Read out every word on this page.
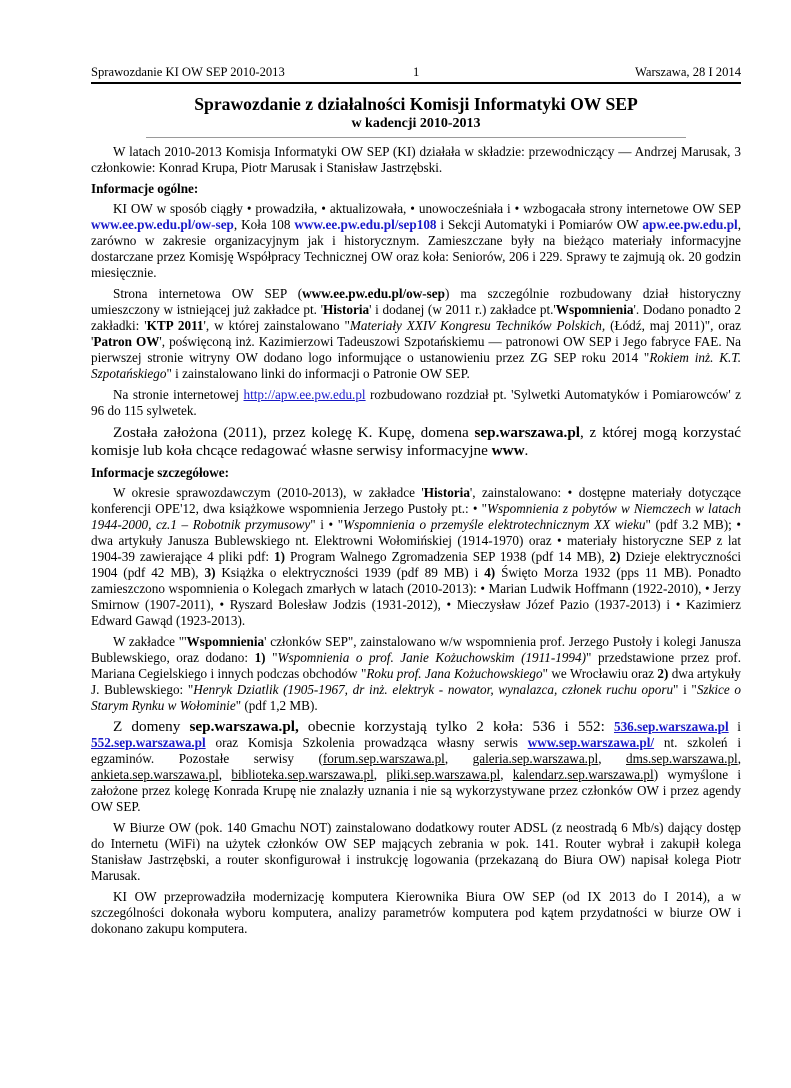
Sprawozdanie KI OW SEP 2010-2013	1	Warszawa, 28 I 2014
Sprawozdanie z działalności Komisji Informatyki OW SEP
w kadencji 2010-2013

W latach 2010-2013 Komisja Informatyki OW SEP (KI) działała w składzie: przewodniczący — Andrzej Marusak, 3 członkowie: Konrad Krupa, Piotr Marusak i Stanisław Jastrzębski.

Informacje ogólne:

KI OW w sposób ciągły • prowadziła, • aktualizowała, • unowocześniała i • wzbogacała strony internetowe OW SEP www.ee.pw.edu.pl/ow-sep, Koła 108 www.ee.pw.edu.pl/sep108 i Sekcji Automatyki i Pomiarów OW apw.ee.pw.edu.pl, zarówno w zakresie organizacyjnym jak i historycznym. Zamieszczane były na bieżąco materiały informacyjne dostarczane przez Komisję Współpracy Technicznej OW oraz koła: Seniorów, 206 i 229. Sprawy te zajmują ok. 20 godzin miesięcznie.

Strona internetowa OW SEP (www.ee.pw.edu.pl/ow-sep) ma szczególnie rozbudowany dział historyczny umieszczony w istniejącej już zakładce pt. 'Historia' i dodanej (w 2011 r.) zakładce pt.'Wspomnienia'. Dodano ponadto 2 zakładki: 'KTP 2011', w której zainstalowano "Materiały XXIV Kongresu Techników Polskich, (Łódź, maj 2011)", oraz 'Patron OW', poświęconą inż. Kazimierzowi Tadeuszowi Szpotańskiemu — patronowi OW SEP i Jego fabryce FAE. Na pierwszej stronie witryny OW dodano logo informujące o ustanowieniu przez ZG SEP roku 2014 "Rokiem inż. K.T. Szpotańskiego" i zainstalowano linki do informacji o Patronie OW SEP.

Na stronie internetowej http://apw.ee.pw.edu.pl rozbudowano rozdział pt. 'Sylwetki Automatyków i Pomiarowców' z 96 do 115 sylwetek.

Została założona (2011), przez kolegę K. Kupę, domena sep.warszawa.pl, z której mogą korzystać komisje lub koła chcące redagować własne serwisy informacyjne www.

Informacje szczegółowe:

W okresie sprawozdawczym (2010-2013), w zakładce 'Historia', zainstalowano: • dostępne materiały dotyczące konferencji OPE'12, dwa książkowe wspomnienia Jerzego Pustoły pt.: • "Wspomnienia z pobytów w Niemczech w latach 1944-2000, cz.1 – Robotnik przymusowy" i • "Wspomnienia o przemyśle elektrotechnicznym XX wieku" (pdf 3.2 MB); • dwa artykuły Janusza Bublewskiego nt. Elektrowni Wołomińskiej (1914-1970) oraz • materiały historyczne SEP z lat 1904-39 zawierające 4 pliki pdf: 1) Program Walnego Zgromadzenia SEP 1938 (pdf 14 MB), 2) Dzieje elektryczności 1904 (pdf 42 MB), 3) Książka o elektryczności 1939 (pdf 89 MB) i 4) Święto Morza 1932 (pps 11 MB). Ponadto zamieszczono wspomnienia o Kolegach zmarłych w latach (2010-2013): • Marian Ludwik Hoffmann (1922-2010), • Jerzy Smirnow (1907-2011), • Ryszard Bolesław Jodzis (1931-2012), • Mieczysław Józef Pazio (1937-2013) i • Kazimierz Edward Gawąd (1923-2013).

W zakładce "'Wspomnienia' członków SEP", zainstalowano w/w wspomnienia prof. Jerzego Pustoły i kolegi Janusza Bublewskiego, oraz dodano: 1) "Wspomnienia o prof. Janie Kożuchowskim (1911-1994)" przedstawione przez prof. Mariana Cegielskiego i innych podczas obchodów "Roku prof. Jana Kożuchowskiego" we Wrocławiu oraz 2) dwa artykuły J. Bublewskiego: "Henryk Dziatlik (1905-1967, dr inż. elektryk - nowator, wynalazca, członek ruchu oporu" i "Szkice o Starym Rynku w Wołominie" (pdf 1,2 MB).

Z domeny sep.warszawa.pl, obecnie korzystają tylko 2 koła: 536 i 552: 536.sep.warszawa.pl i 552.sep.warszawa.pl oraz Komisja Szkolenia prowadząca własny serwis www.sep.warszawa.pl/ nt. szkoleń i egzaminów. Pozostałe serwisy (forum.sep.warszawa.pl, galeria.sep.warszawa.pl, dms.sep.warszawa.pl, ankieta.sep.warszawa.pl, biblioteka.sep.warszawa.pl, pliki.sep.warszawa.pl, kalendarz.sep.warszawa.pl) wymyślone i założone przez kolegę Konrada Krupę nie znalazły uznania i nie są wykorzystywane przez członków OW i przez agendy OW SEP.

W Biurze OW (pok. 140 Gmachu NOT) zainstalowano dodatkowy router ADSL (z neostradą 6 Mb/s) dający dostęp do Internetu (WiFi) na użytek członków OW SEP mających zebrania w pok. 141. Router wybrał i zakupił kolega Stanisław Jastrzębski, a router skonfigurował i instrukcję logowania (przekazaną do Biura OW) napisał kolega Piotr Marusak.

KI OW przeprowadziła modernizację komputera Kierownika Biura OW SEP (od IX 2013 do I 2014), a w szczególności dokonała wyboru komputera, analizy parametrów komputera pod kątem przydatności w biurze OW i dokonano zakupu komputera.
